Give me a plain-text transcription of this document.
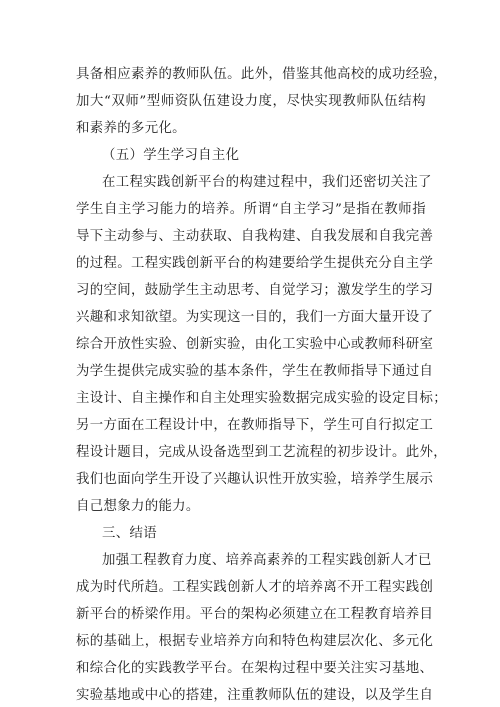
具备相应素养的教师队伍。此外，借鉴其他高校的成功经验，
加大“双师”型师资队伍建设力度，尽快实现教师队伍结构
和素养的多元化。
（五）学生学习自主化
在工程实践创新平台的构建过程中，我们还密切关注了
学生自主学习能力的培养。所谓“自主学习”是指在教师指
导下主动参与、主动获取、自我构建、自我发展和自我完善
的过程。工程实践创新平台的构建要给学生提供充分自主学
习的空间，鼓励学生主动思考、自觉学习；激发学生的学习
兴趣和求知欲望。为实现这一目的，我们一方面大量开设了
综合开放性实验、创新实验，由化工实验中心或教师科研室
为学生提供完成实验的基本条件，学生在教师指导下通过自
主设计、自主操作和自主处理实验数据完成实验的设定目标；
另一方面在工程设计中，在教师指导下，学生可自行拟定工
程设计题目，完成从设备选型到工艺流程的初步设计。此外，
我们也面向学生开设了兴趣认识性开放实验，培养学生展示
自己想象力的能力。
三、结语
加强工程教育力度、培养高素养的工程实践创新人才已
成为时代所趋。工程实践创新人才的培养离不开工程实践创
新平台的桥梁作用。平台的架构必须建立在工程教育培养目
标的基础上，根据专业培养方向和特色构建层次化、多元化
和综合化的实践教学平台。在架构过程中要关注实习基地、
实验基地或中心的搭建，注重教师队伍的建设，以及学生自
